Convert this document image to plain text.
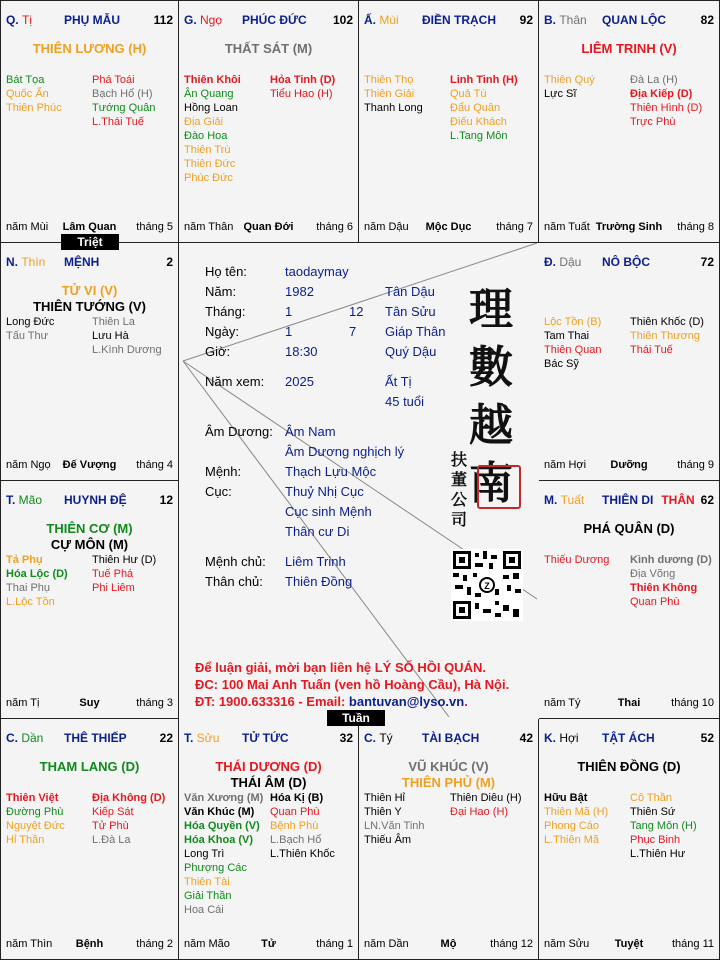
Q. Tị	PHỤ MẪU	112
THIÊN LƯƠNG (H)
Bát Tọa
Quốc Ấn
Thiên Phúc
Phá Toái
Bạch Hổ (H)
Tướng Quân
L.Thái Tuế
năm Mùi	Lâm Quan	tháng 5
G. Ngọ PHÚC ĐỨC 102
THẤT SÁT (M)
Thiên Khôi
Ân Quang
Hồng Loan
Địa Giải
Đào Hoa
Thiên Trù
Thiên Đức
Phúc Đức
Hỏa Tinh (D)
Tiểu Hao (H)
năm Thân Quan Đới	tháng 6
Ấ. Mùi ĐIỀN TRẠCH 92
Thiên Thọ
Thiên Giải
Thanh Long
Linh Tinh (H)
Quả Tú
Đẩu Quân
Điếu Khách
L.Tang Môn
năm Dậu	Mộc Dục	tháng 7
B. Thân QUAN LỘC	82
LIÊM TRINH (V)
Thiên Quý
Lực Sĩ
Đà La (H)
Địa Kiếp (D)
Thiên Hình (D)
Trực Phù
năm Tuất Trường Sinh	tháng 8
N. Thìn MỆNH	2
TỬ VI (V)
THIÊN TƯỚNG (V)
Long Đức
Tấu Thư
Thiên La
Lưu Hà
L.Kình Dương
năm Ngọ	Đế Vượng	tháng 4
Đ. Dậu NÔ BỘC	72
Lộc Tồn (B)
Tam Thai
Thiên Quan
Bác Sỹ
Thiên Khốc (D)
Thiên Thương
Thái Tuế
năm Hợi	Dưỡng	tháng 9
T. Mão HUYNH ĐỆ	12
THIÊN CƠ (M)
CỰ MÔN (M)
Tả Phụ
Hóa Lộc (D)
Thai Phụ
L.Lộc Tồn
Thiên Hư (D)
Tuế Phá
Phi Liêm
năm Tị	Suy	tháng 3
M. Tuất THIÊN DI THÂN 62
PHÁ QUÂN (D)
Thiếu Dương	Kình dương (D)
Địa Võng
Thiên Không
Quan Phù
năm Tý	Thai	tháng 10
C. Dần THÊ THIẾP	22
THAM LANG (D)
Thiên Việt
Đường Phù
Nguyệt Đức
Hỉ Thần
Địa Không (D)
Kiếp Sát
Tử Phù
L.Đà La
năm Thìn	Bệnh	tháng 2
T. Sửu TỬ TỨC	32
THÁI DƯƠNG (D)
THÁI ÂM (D)
Văn Xương (M)
Văn Khúc (M)
Hóa Quyền (V)
Hóa Khoa (V)
Long Trì
Phượng Các
Thiên Tài
Giải Thần
Hoa Cái
Hóa Kị (B)
Quan Phù
Bệnh Phù
L.Bạch Hổ
L.Thiên Khốc
năm Mão	Tử	tháng 1
C. Tý TÀI BẠCH	42
VŨ KHÚC (V)
THIÊN PHỦ (M)
Thiên Hỉ
Thiên Y
LN.Văn Tinh
Thiếu Âm
Thiên Diêu (H)
Đại Hao (H)
năm Dần	Mộ	tháng 12
K. Hợi TẬT ÁCH	52
THIÊN ĐỒNG (D)
Hữu Bật
Thiên Mã (H)
Phong Cáo
L.Thiên Mã
Cô Thần
Thiên Sứ
Tang Môn (H)
Phục Binh
L.Thiên Hư
năm Sửu	Tuyệt	tháng 11
Họ tên:	taodaymay
Năm:	1982	Tân Dậu
Tháng:	1	12 Tân Sửu
Ngày:	1	7 Giáp Thân
Giờ:	18:30	Quý Dậu
Năm xem: 2025	Ất Tị
45 tuổi
Âm Dương: Âm Nam
Âm Dương nghịch lý
Mệnh:	Thạch Lựu Mộc
Cục:	Thuỷ Nhị Cục
Cục sinh Mệnh
Thân cư Di
Mệnh chủ: Liêm Trinh
Thân chủ: Thiên Đồng
理
數
越
南
扶
董
公
司
Z
Để luận giải, mời bạn liên hệ LÝ SỐ HỒI QUÁN.
ĐC: 100 Mai Anh Tuấn (ven hồ Hoàng Cầu), Hà Nội.
ĐT: 1900.633316 - Email: bantuvan@lyso.vn.
Triệt
Tuần
